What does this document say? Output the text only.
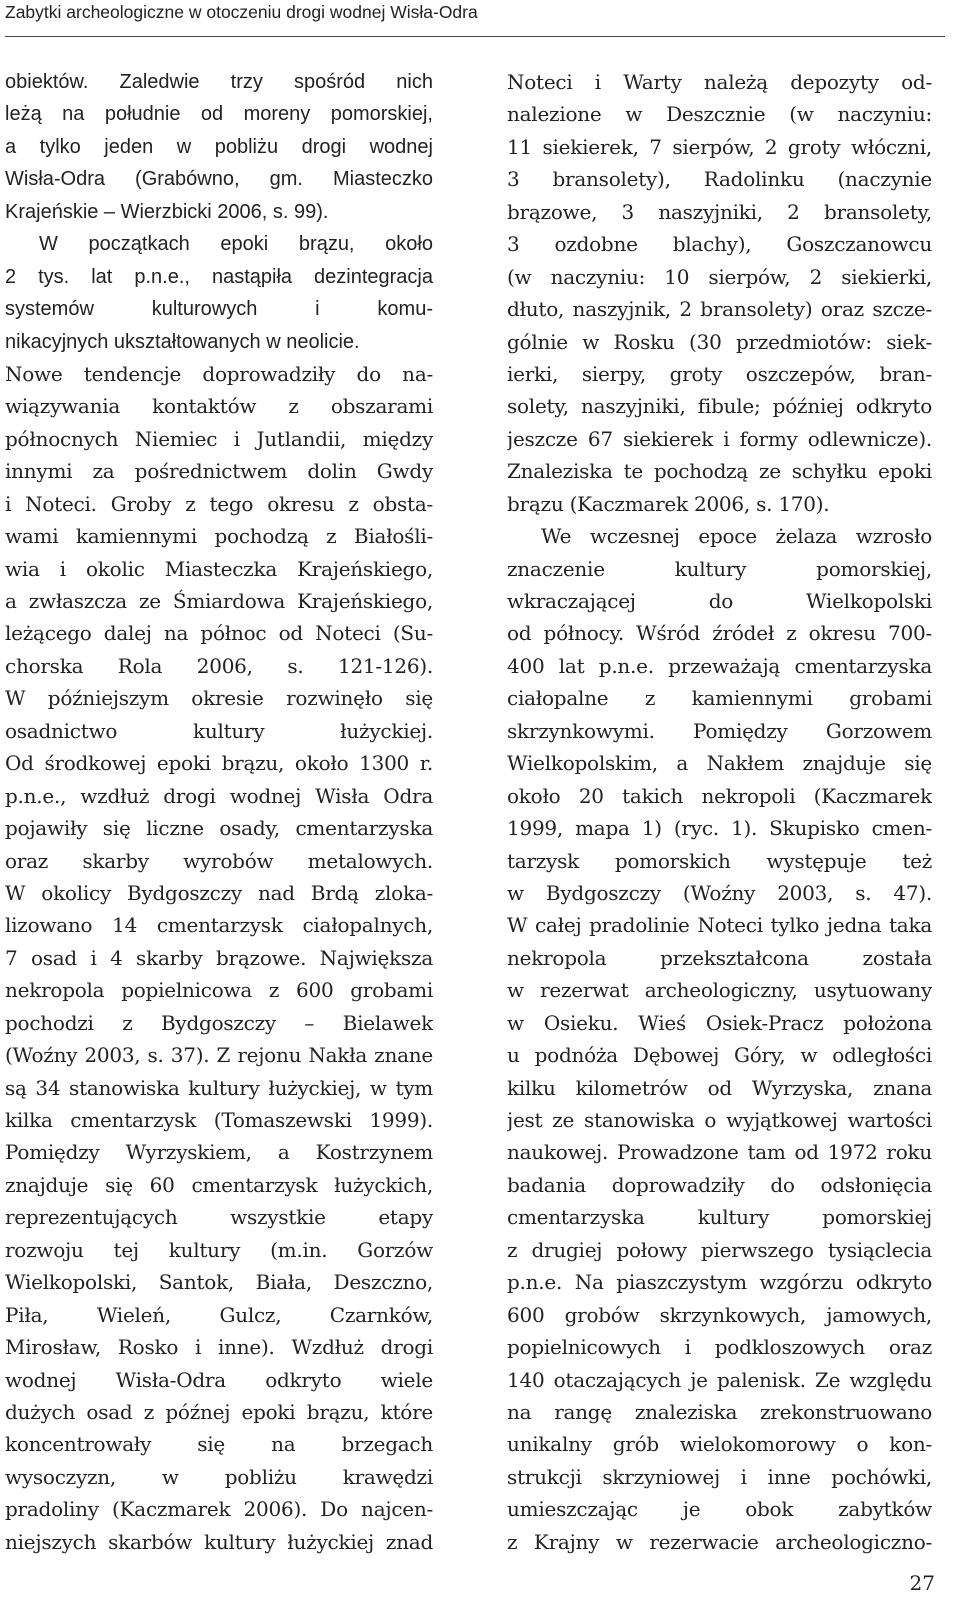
Zabytki archeologiczne w otoczeniu drogi wodnej Wisła-Odra
obiektów. Zaledwie trzy spośród nich
leżą na południe od moreny pomorskiej,
a tylko jeden w pobliżu drogi wodnej
Wisła-Odra (Grabówno, gm. Miasteczko
Krajeńskie – Wierzbicki 2006, s. 99).
W początkach epoki brązu, około
2 tys. lat p.n.e., nastąpiła dezintegracja
systemów kulturowych i komu-
nikacyjnych ukształtowanych w neolicie.
Nowe tendencje doprowadziły do na-
wiązywania kontaktów z obszarami
północnych Niemiec i Jutlandii, między
innymi za pośrednictwem dolin Gwdy
i Noteci. Groby z tego okresu z obsta-
wami kamiennymi pochodzą z Białośli-
wia i okolic Miasteczka Krajeńskiego,
a zwłaszcza ze Śmiardowa Krajeńskiego,
leżącego dalej na północ od Noteci (Su-
chorska Rola 2006, s. 121-126).
W późniejszym okresie rozwinęło się
osadnictwo kultury łużyckiej.
Od środkowej epoki brązu, około 1300 r.
p.n.e., wzdłuż drogi wodnej Wisła Odra
pojawiły się liczne osady, cmentarzyska
oraz skarby wyrobów metalowych.
W okolicy Bydgoszczy nad Brdą zloka-
lizowano 14 cmentarzysk ciałopalnych,
7 osad i 4 skarby brązowe. Największa
nekropola popielnicowa z 600 grobami
pochodzi z Bydgoszczy – Bielawek
(Woźny 2003, s. 37). Z rejonu Nakła znane
są 34 stanowiska kultury łużyckiej, w tym
kilka cmentarzysk (Tomaszewski 1999).
Pomiędzy Wyrzyskiem, a Kostrzynem
znajduje się 60 cmentarzysk łużyckich,
reprezentujących wszystkie etapy
rozwoju tej kultury (m.in. Gorzów
Wielkopolski, Santok, Biała, Deszczno,
Piła, Wieleń, Gulcz, Czarnków,
Mirosław, Rosko i inne). Wzdłuż drogi
wodnej Wisła-Odra odkryto wiele
dużych osad z późnej epoki brązu, które
koncentrowały się na brzegach
wysoczyzn, w pobliżu krawędzi
pradoliny (Kaczmarek 2006). Do najcen-
niejszych skarbów kultury łużyckiej znad
Noteci i Warty należą depozyty od-
nalezione w Deszcznie (w naczyniu:
11 siekierek, 7 sierpów, 2 groty włóczni,
3 bransolety), Radolinku (naczynie
brązowe, 3 naszyjniki, 2 bransolety,
3 ozdobne blachy), Goszczanowcu
(w naczyniu: 10 sierpów, 2 siekierki,
dłuto, naszyjnik, 2 bransolety) oraz szcze-
gólnie w Rosku (30 przedmiotów: siek-
ierki, sierpy, groty oszczepów, bran-
solety, naszyjniki, fibule; później odkryto
jeszcze 67 siekierek i formy odlewnicze).
Znaleziska te pochodzą ze schyłku epoki
brązu (Kaczmarek 2006, s. 170).
We wczesnej epoce żelaza wzrosło
znaczenie kultury pomorskiej,
wkraczającej do Wielkopolski
od północy. Wśród źródeł z okresu 700-
400 lat p.n.e. przeważają cmentarzyska
ciałopalne z kamiennymi grobami
skrzynkowymi. Pomiędzy Gorzowem
Wielkopolskim, a Nakłem znajduje się
około 20 takich nekropoli (Kaczmarek
1999, mapa 1) (ryc. 1). Skupisko cmen-
tarzysk pomorskich występuje też
w Bydgoszczy (Woźny 2003, s. 47).
W całej pradolinie Noteci tylko jedna taka
nekropola przekształcona została
w rezerwat archeologiczny, usytuowany
w Osieku. Wieś Osiek-Pracz położona
u podnóża Dębowej Góry, w odległości
kilku kilometrów od Wyrzyska, znana
jest ze stanowiska o wyjątkowej wartości
naukowej. Prowadzone tam od 1972 roku
badania doprowadziły do odsłonięcia
cmentarzyska kultury pomorskiej
z drugiej połowy pierwszego tysiąclecia
p.n.e. Na piaszczystym wzgórzu odkryto
600 grobów skrzynkowych, jamowych,
popielnicowych i podkloszowych oraz
140 otaczających je palenisk. Ze względu
na rangę znaleziska zrekonstruowano
unikalny grób wielokomorowy o kon-
strukcji skrzyniowej i inne pochówki,
umieszczając je obok zabytków
z Krajny w rezerwacie archeologiczno-
27
